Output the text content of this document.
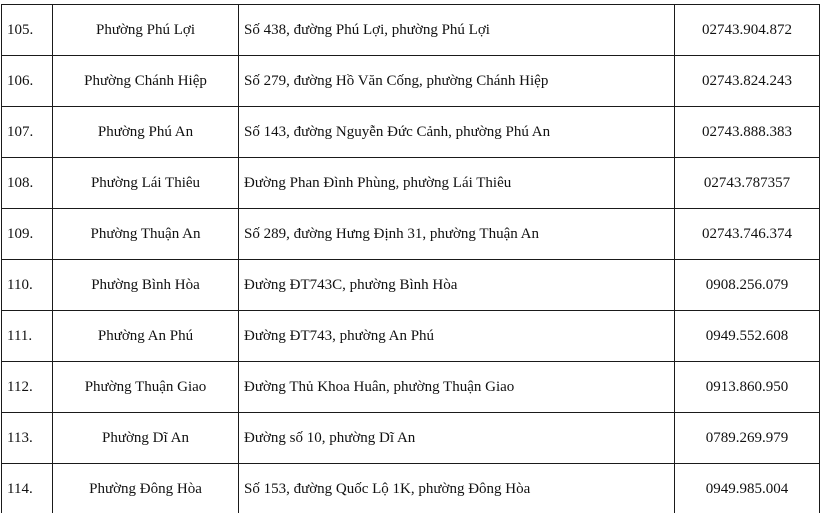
105.	Phường Phú Lợi	Số 438, đường Phú Lợi, phường Phú Lợi	02743.904.872
106.	Phường Chánh Hiệp	Số 279, đường Hồ Văn Cống, phường Chánh Hiệp	02743.824.243
107.	Phường Phú An	Số 143, đường Nguyễn Đức Cảnh, phường Phú An	02743.888.383
108.	Phường Lái Thiêu	Đường Phan Đình Phùng, phường Lái Thiêu	02743.787357
109.	Phường Thuận An	Số 289, đường Hưng Định 31, phường Thuận An	02743.746.374
110.	Phường Bình Hòa	Đường ĐT743C, phường Bình Hòa	0908.256.079
111.	Phường An Phú	Đường ĐT743, phường An Phú	0949.552.608
112.	Phường Thuận Giao	Đường Thủ Khoa Huân, phường Thuận Giao	0913.860.950
113.	Phường Dĩ An	Đường số 10, phường Dĩ An	0789.269.979
114.	Phường Đông Hòa	Số 153, đường Quốc Lộ 1K, phường Đông Hòa	0949.985.004
